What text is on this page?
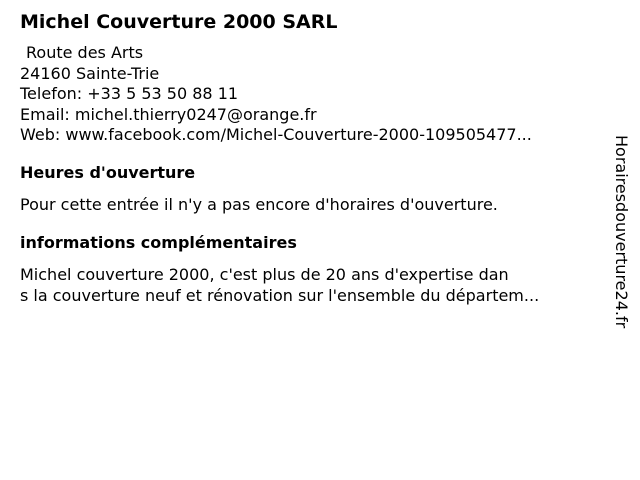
Michel Couverture 2000 SARL
Route des Arts
24160 Sainte-Trie
Telefon: +33 5 53 50 88 11
Email: michel.thierry0247@orange.fr
Web: www.facebook.com/Michel-Couverture-2000-109505477...
Heures d'ouverture

Pour cette entrée il n'y a pas encore d'horaires d'ouverture.

informations complémentaires

Michel couverture 2000, c'est plus de 20 ans d'expertise dan
s la couverture neuf et rénovation sur l'ensemble du départem...	Horairesdouverture24.fr
